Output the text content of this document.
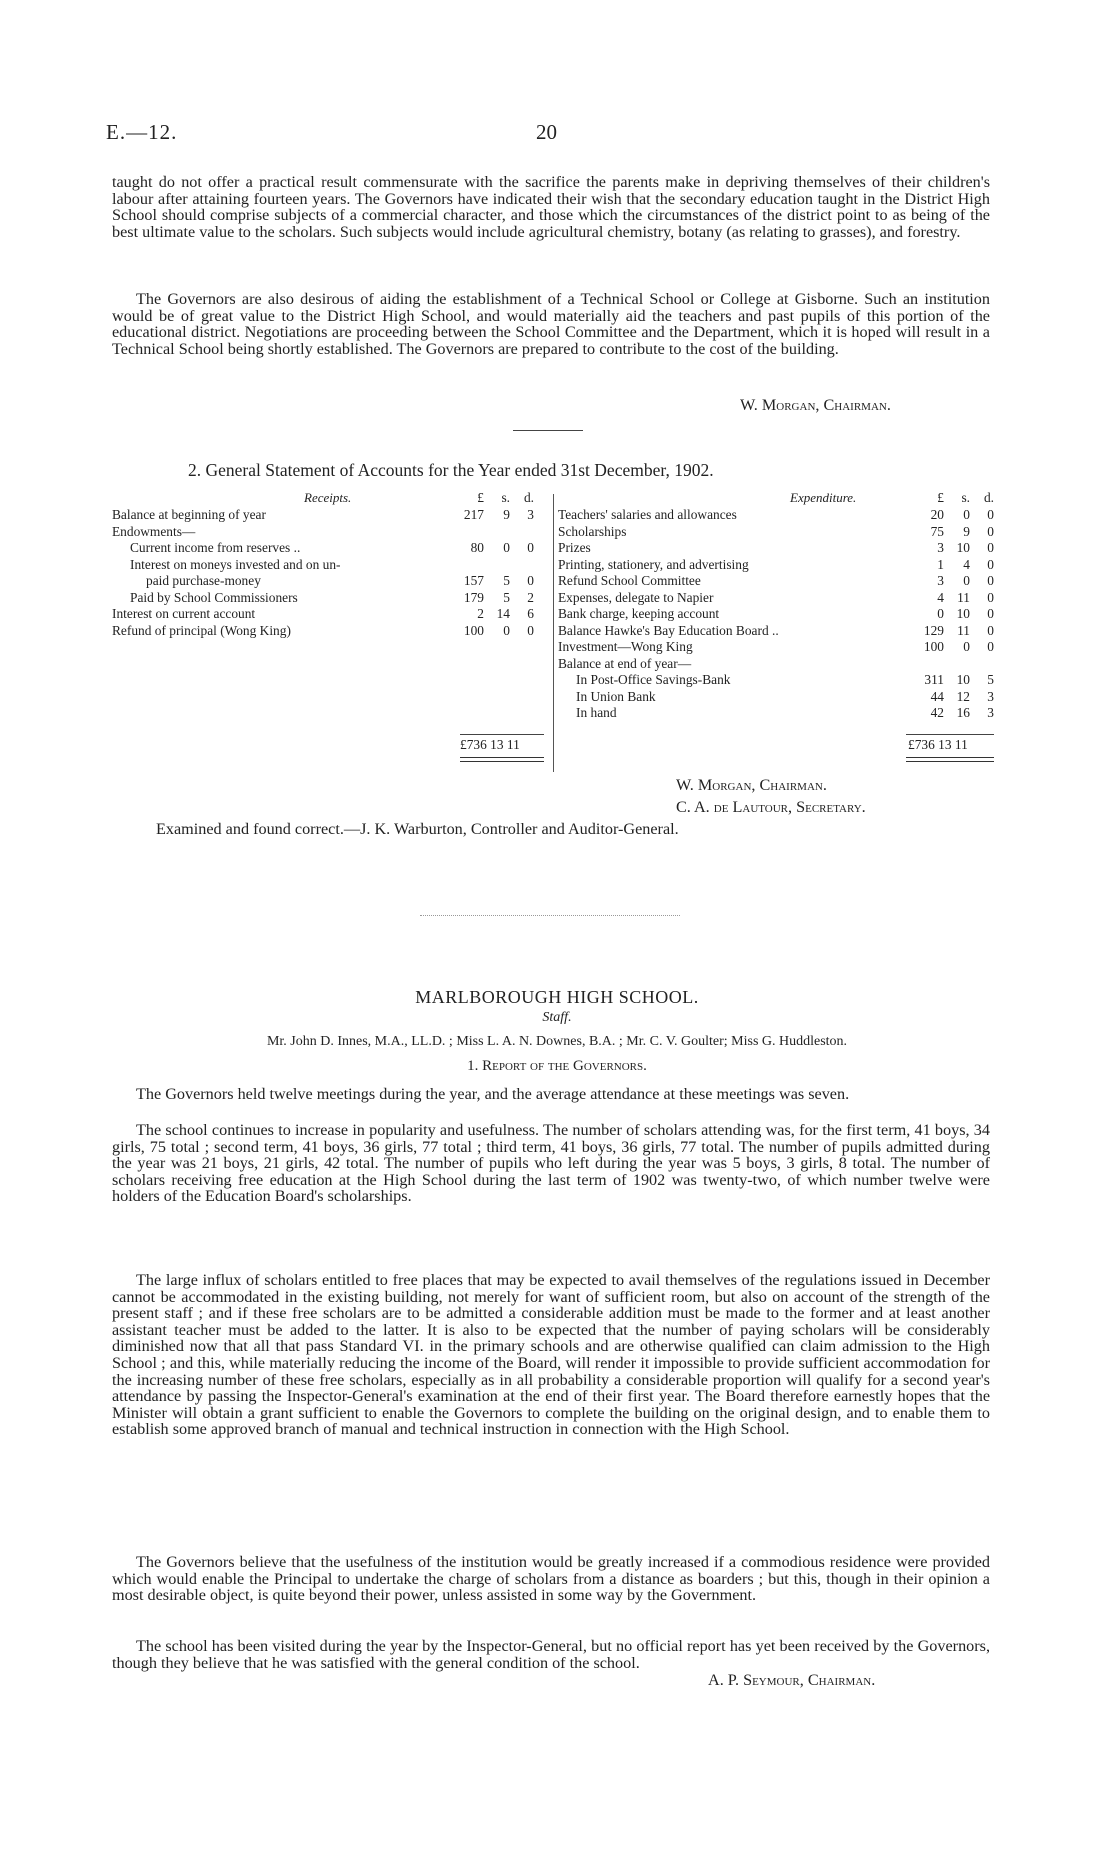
E.—12.	20

taught do not offer a practical result commensurate with the sacrifice the parents make in depriving themselves of their children's labour after attaining fourteen years. The Governors have indicated their wish that the secondary education taught in the District High School should comprise subjects of a commercial character, and those which the circumstances of the district point to as being of the best ultimate value to the scholars. Such subjects would include agricultural chemistry, botany (as relating to grasses), and forestry.

The Governors are also desirous of aiding the establishment of a Technical School or College at Gisborne. Such an institution would be of great value to the District High School, and would materially aid the teachers and past pupils of this portion of the educational district. Negotiations are proceeding between the School Committee and the Department, which it is hoped will result in a Technical School being shortly established. The Governors are prepared to contribute to the cost of the building.

W. Morgan, Chairman.
2. General Statement of Accounts for the Year ended 31st December, 1902.
Receipts.	Expenditure.
£ s. d.	£ s. d.
Balance at beginning of year	217 9 3
Endowments—
Current income from reserves ..	80 0 0
Interest on moneys invested and on un-
paid purchase-money	157 5 0
Paid by School Commissioners	179 5 2
Interest on current account	2 14 6
Refund of principal (Wong King)	100 0 0
Teachers' salaries and allowances	20 0 0
Scholarships	75 9 0
Prizes	3 10 0
Printing, stationery, and advertising	1 4 0
Refund School Committee	3 0 0
Expenses, delegate to Napier	4 11 0
Bank charge, keeping account	0 10 0
Balance Hawke's Bay Education Board ..	129 11 0
Investment—Wong King	100 0 0
Balance at end of year—
In Post-Office Savings-Bank	311 10 5
In Union Bank	44 12 3
In hand	42 16 3
£736 13 11	£736 13 11
W. Morgan, Chairman.
C. A. de Lautour, Secretary.
Examined and found correct.—J. K. Warburton, Controller and Auditor-General.
MARLBOROUGH HIGH SCHOOL.
Staff.
Mr. John D. Innes, M.A., LL.D. ; Miss L. A. N. Downes, B.A. ; Mr. C. V. Goulter; Miss G. Huddleston.
1. Report of the Governors.

The Governors held twelve meetings during the year, and the average attendance at these meetings was seven.

The school continues to increase in popularity and usefulness. The number of scholars attending was, for the first term, 41 boys, 34 girls, 75 total ; second term, 41 boys, 36 girls, 77 total ; third term, 41 boys, 36 girls, 77 total. The number of pupils admitted during the year was 21 boys, 21 girls, 42 total. The number of pupils who left during the year was 5 boys, 3 girls, 8 total. The number of scholars receiving free education at the High School during the last term of 1902 was twenty-two, of which number twelve were holders of the Education Board's scholarships.

The large influx of scholars entitled to free places that may be expected to avail themselves of the regulations issued in December cannot be accommodated in the existing building, not merely for want of sufficient room, but also on account of the strength of the present staff ; and if these free scholars are to be admitted a considerable addition must be made to the former and at least another assistant teacher must be added to the latter. It is also to be expected that the number of paying scholars will be considerably diminished now that all that pass Standard VI. in the primary schools and are otherwise qualified can claim admission to the High School ; and this, while materially reducing the income of the Board, will render it impossible to provide sufficient accommodation for the increasing number of these free scholars, especially as in all probability a considerable proportion will qualify for a second year's attendance by passing the Inspector-General's examination at the end of their first year. The Board therefore earnestly hopes that the Minister will obtain a grant sufficient to enable the Governors to complete the building on the original design, and to enable them to establish some approved branch of manual and technical instruction in connection with the High School.

The Governors believe that the usefulness of the institution would be greatly increased if a commodious residence were provided which would enable the Principal to undertake the charge of scholars from a distance as boarders ; but this, though in their opinion a most desirable object, is quite beyond their power, unless assisted in some way by the Government.

The school has been visited during the year by the Inspector-General, but no official report has yet been received by the Governors, though they believe that he was satisfied with the general condition of the school.

A. P. Seymour, Chairman.
